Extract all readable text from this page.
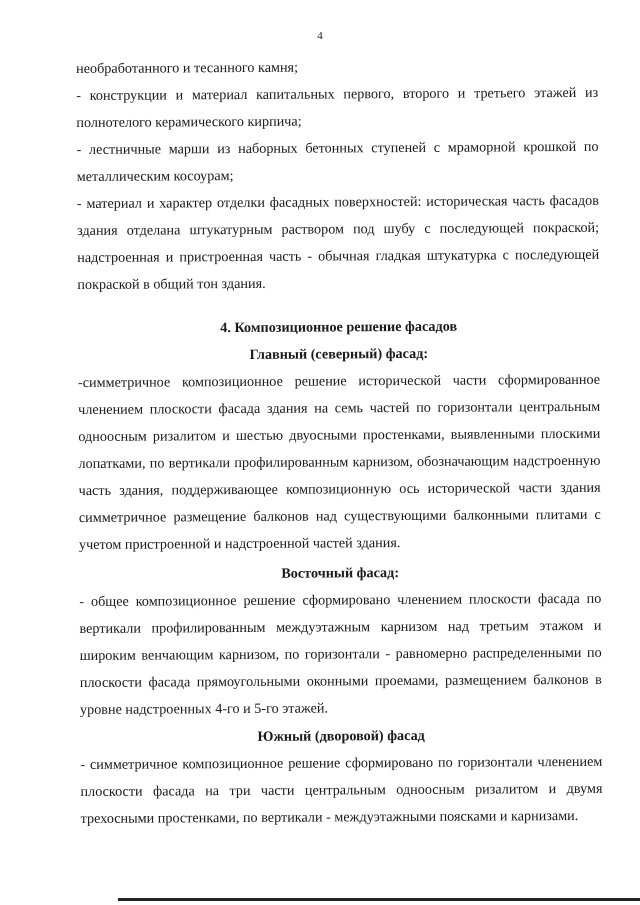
4

необработанного и тесанного камня;

- конструкции и материал капитальных первого, второго и третьего этажей из полнотелого керамического кирпича;

- лестничные марши из наборных бетонных ступеней с мраморной крошкой по металлическим косоурам;

- материал и характер отделки фасадных поверхностей: историческая часть фасадов здания отделана штукатурным раствором под шубу с последующей покраской; надстроенная и пристроенная часть - обычная гладкая штукатурка с последующей покраской в общий тон здания.

4. Композиционное решение фасадов

Главный (северный) фасад:

-симметричное композиционное решение исторической части сформированное членением плоскости фасада здания на семь частей по горизонтали центральным одноосным ризалитом и шестью двуосными простенками, выявленными плоскими лопатками, по вертикали профилированным карнизом, обозначающим надстроенную часть здания, поддерживающее композиционную ось исторической части здания симметричное размещение балконов над существующими балконными плитами с учетом пристроенной и надстроенной частей здания.

Восточный фасад:

- общее композиционное решение сформировано членением плоскости фасада по вертикали профилированным междуэтажным карнизом над третьим этажом и широким венчающим карнизом, по горизонтали - равномерно распределенными по плоскости фасада прямоугольными оконными проемами, размещением балконов в уровне надстроенных 4-го и 5-го этажей.

Южный (дворовой) фасад

- симметричное композиционное решение сформировано по горизонтали членением плоскости фасада на три части центральным одноосным ризалитом и двумя трехосными простенками, по вертикали - междуэтажными поясками и карнизами.
